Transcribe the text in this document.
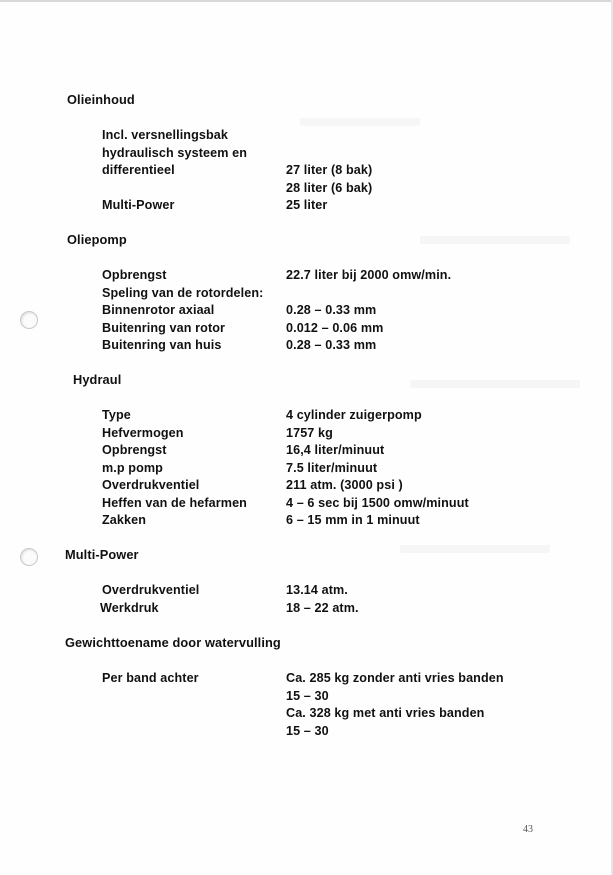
Olieinhoud
Incl. versnellingsbak
hydraulisch systeem en
differentieel	27 liter (8 bak)
28 liter (6 bak)
Multi-Power	25 liter
Oliepomp
Opbrengst	22.7 liter bij 2000 omw/min.
Speling van de rotordelen:
Binnenrotor axiaal	0.28 – 0.33 mm
Buitenring van rotor	0.012 – 0.06 mm
Buitenring van huis	0.28 – 0.33 mm
Hydraul
Type	4 cylinder zuigerpomp
Hefvermogen	1757 kg
Opbrengst	16,4 liter/minuut
m.p pomp	7.5 liter/minuut
Overdrukventiel	211 atm. (3000 psi )
Heffen van de hefarmen	4 – 6 sec bij 1500 omw/minuut
Zakken	6 – 15 mm in 1 minuut
Multi-Power
Overdrukventiel	13.14 atm.
Werkdruk	18 – 22 atm.
Gewichttoename door watervulling
Per band achter	Ca. 285 kg zonder anti vries banden
15 – 30
Ca. 328 kg met anti vries banden
15 – 30
43
